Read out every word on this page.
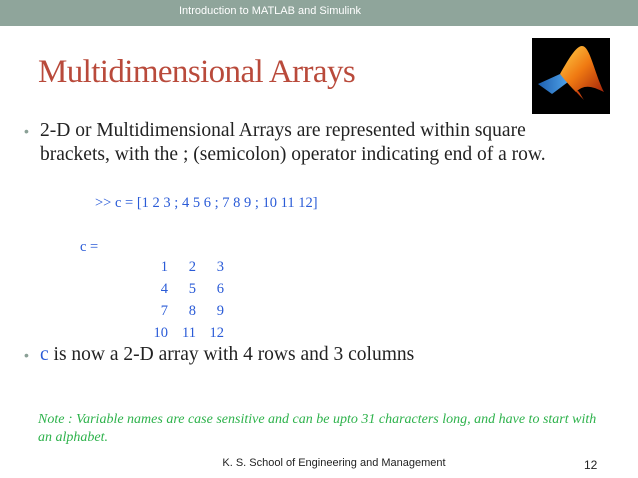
Introduction to MATLAB and Simulink
Multidimensional Arrays
• 2-D or Multidimensional Arrays are represented within square brackets, with the ; (semicolon) operator indicating end of a row.
>> c = [1 2 3 ; 4 5 6 ; 7 8 9 ; 10 11 12]
c =
1	2	3
4	5	6
7	8	9
10 11 12
• c is now a 2-D array with 4 rows and 3 columns
Note : Variable names are case sensitive and can be upto 31 characters long, and have to start with an alphabet.
K. S. School of Engineering and Management	12
